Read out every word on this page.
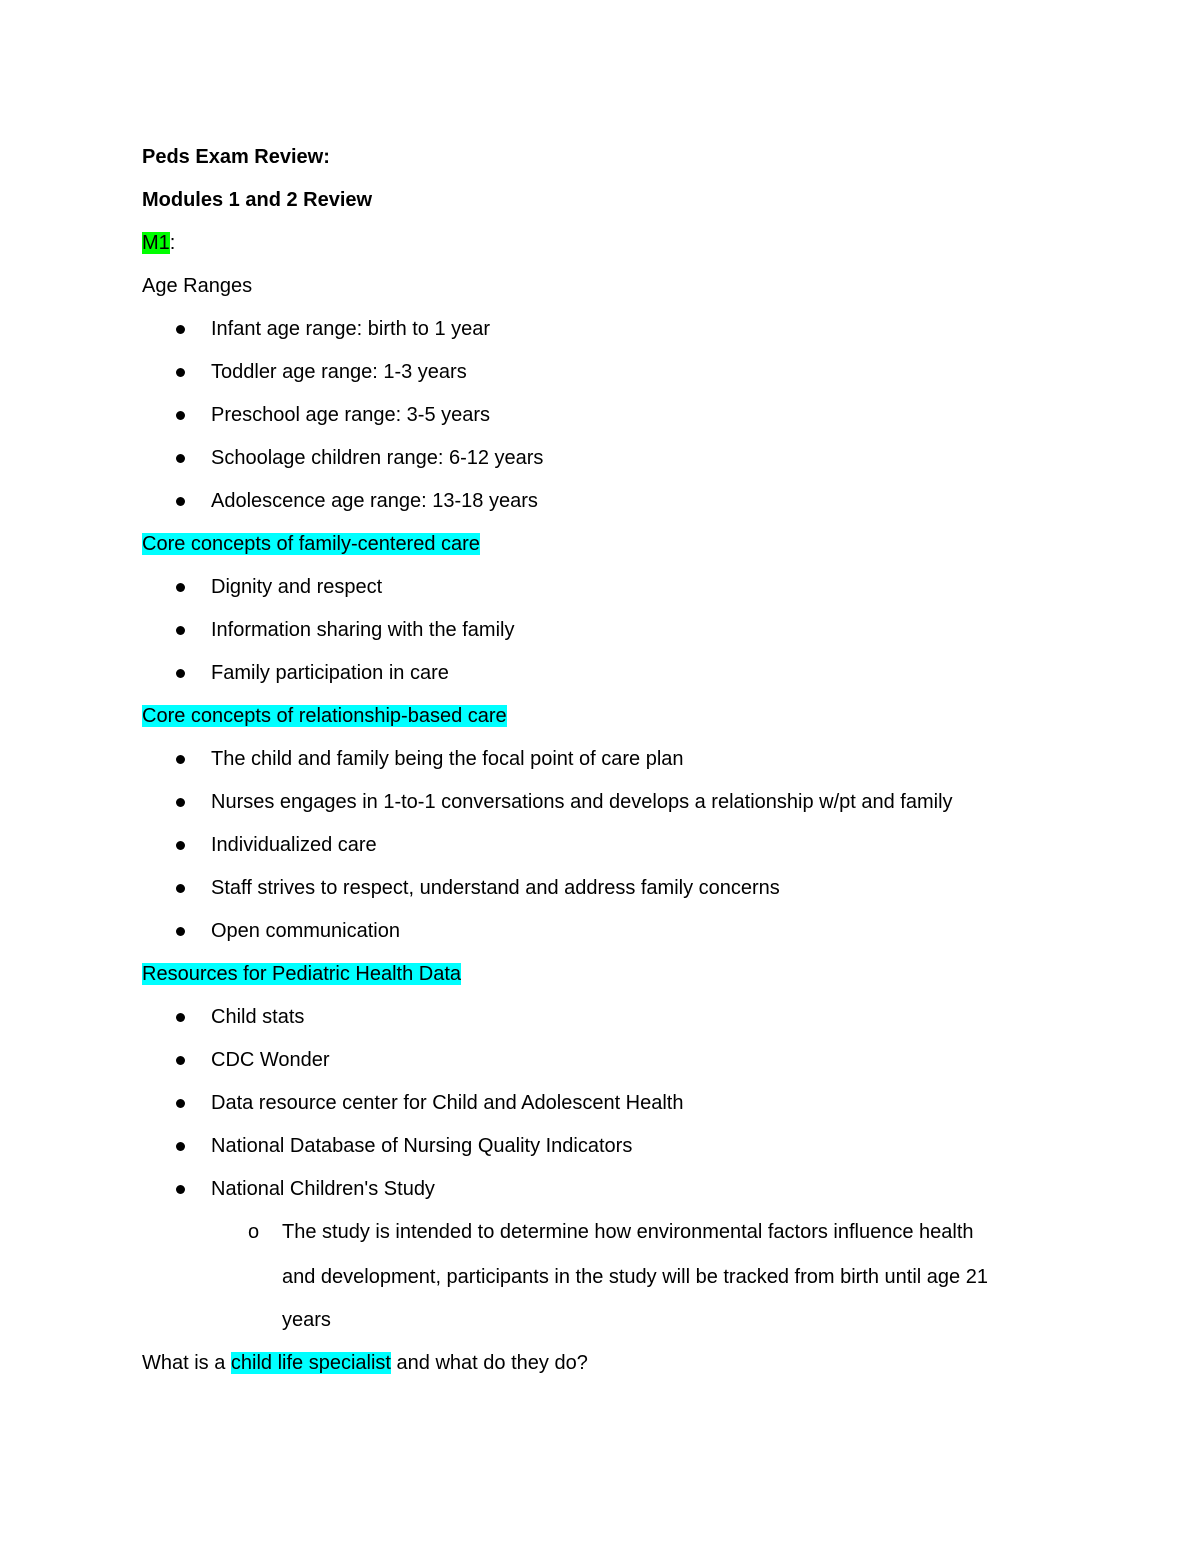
Peds Exam Review:
Modules 1 and 2 Review
M1:
Age Ranges
Infant age range: birth to 1 year
Toddler age range: 1-3 years
Preschool age range: 3-5 years
Schoolage children range: 6-12 years
Adolescence age range: 13-18 years
Core concepts of family-centered care
Dignity and respect
Information sharing with the family
Family participation in care
Core concepts of relationship-based care
The child and family being the focal point of care plan
Nurses engages in 1-to-1 conversations and develops a relationship w/pt and family
Individualized care
Staff strives to respect, understand and address family concerns
Open communication
Resources for Pediatric Health Data
Child stats
CDC Wonder
Data resource center for Child and Adolescent Health
National Database of Nursing Quality Indicators
National Children's Study
o The study is intended to determine how environmental factors influence health
and development, participants in the study will be tracked from birth until age 21
years
What is a child life specialist and what do they do?
